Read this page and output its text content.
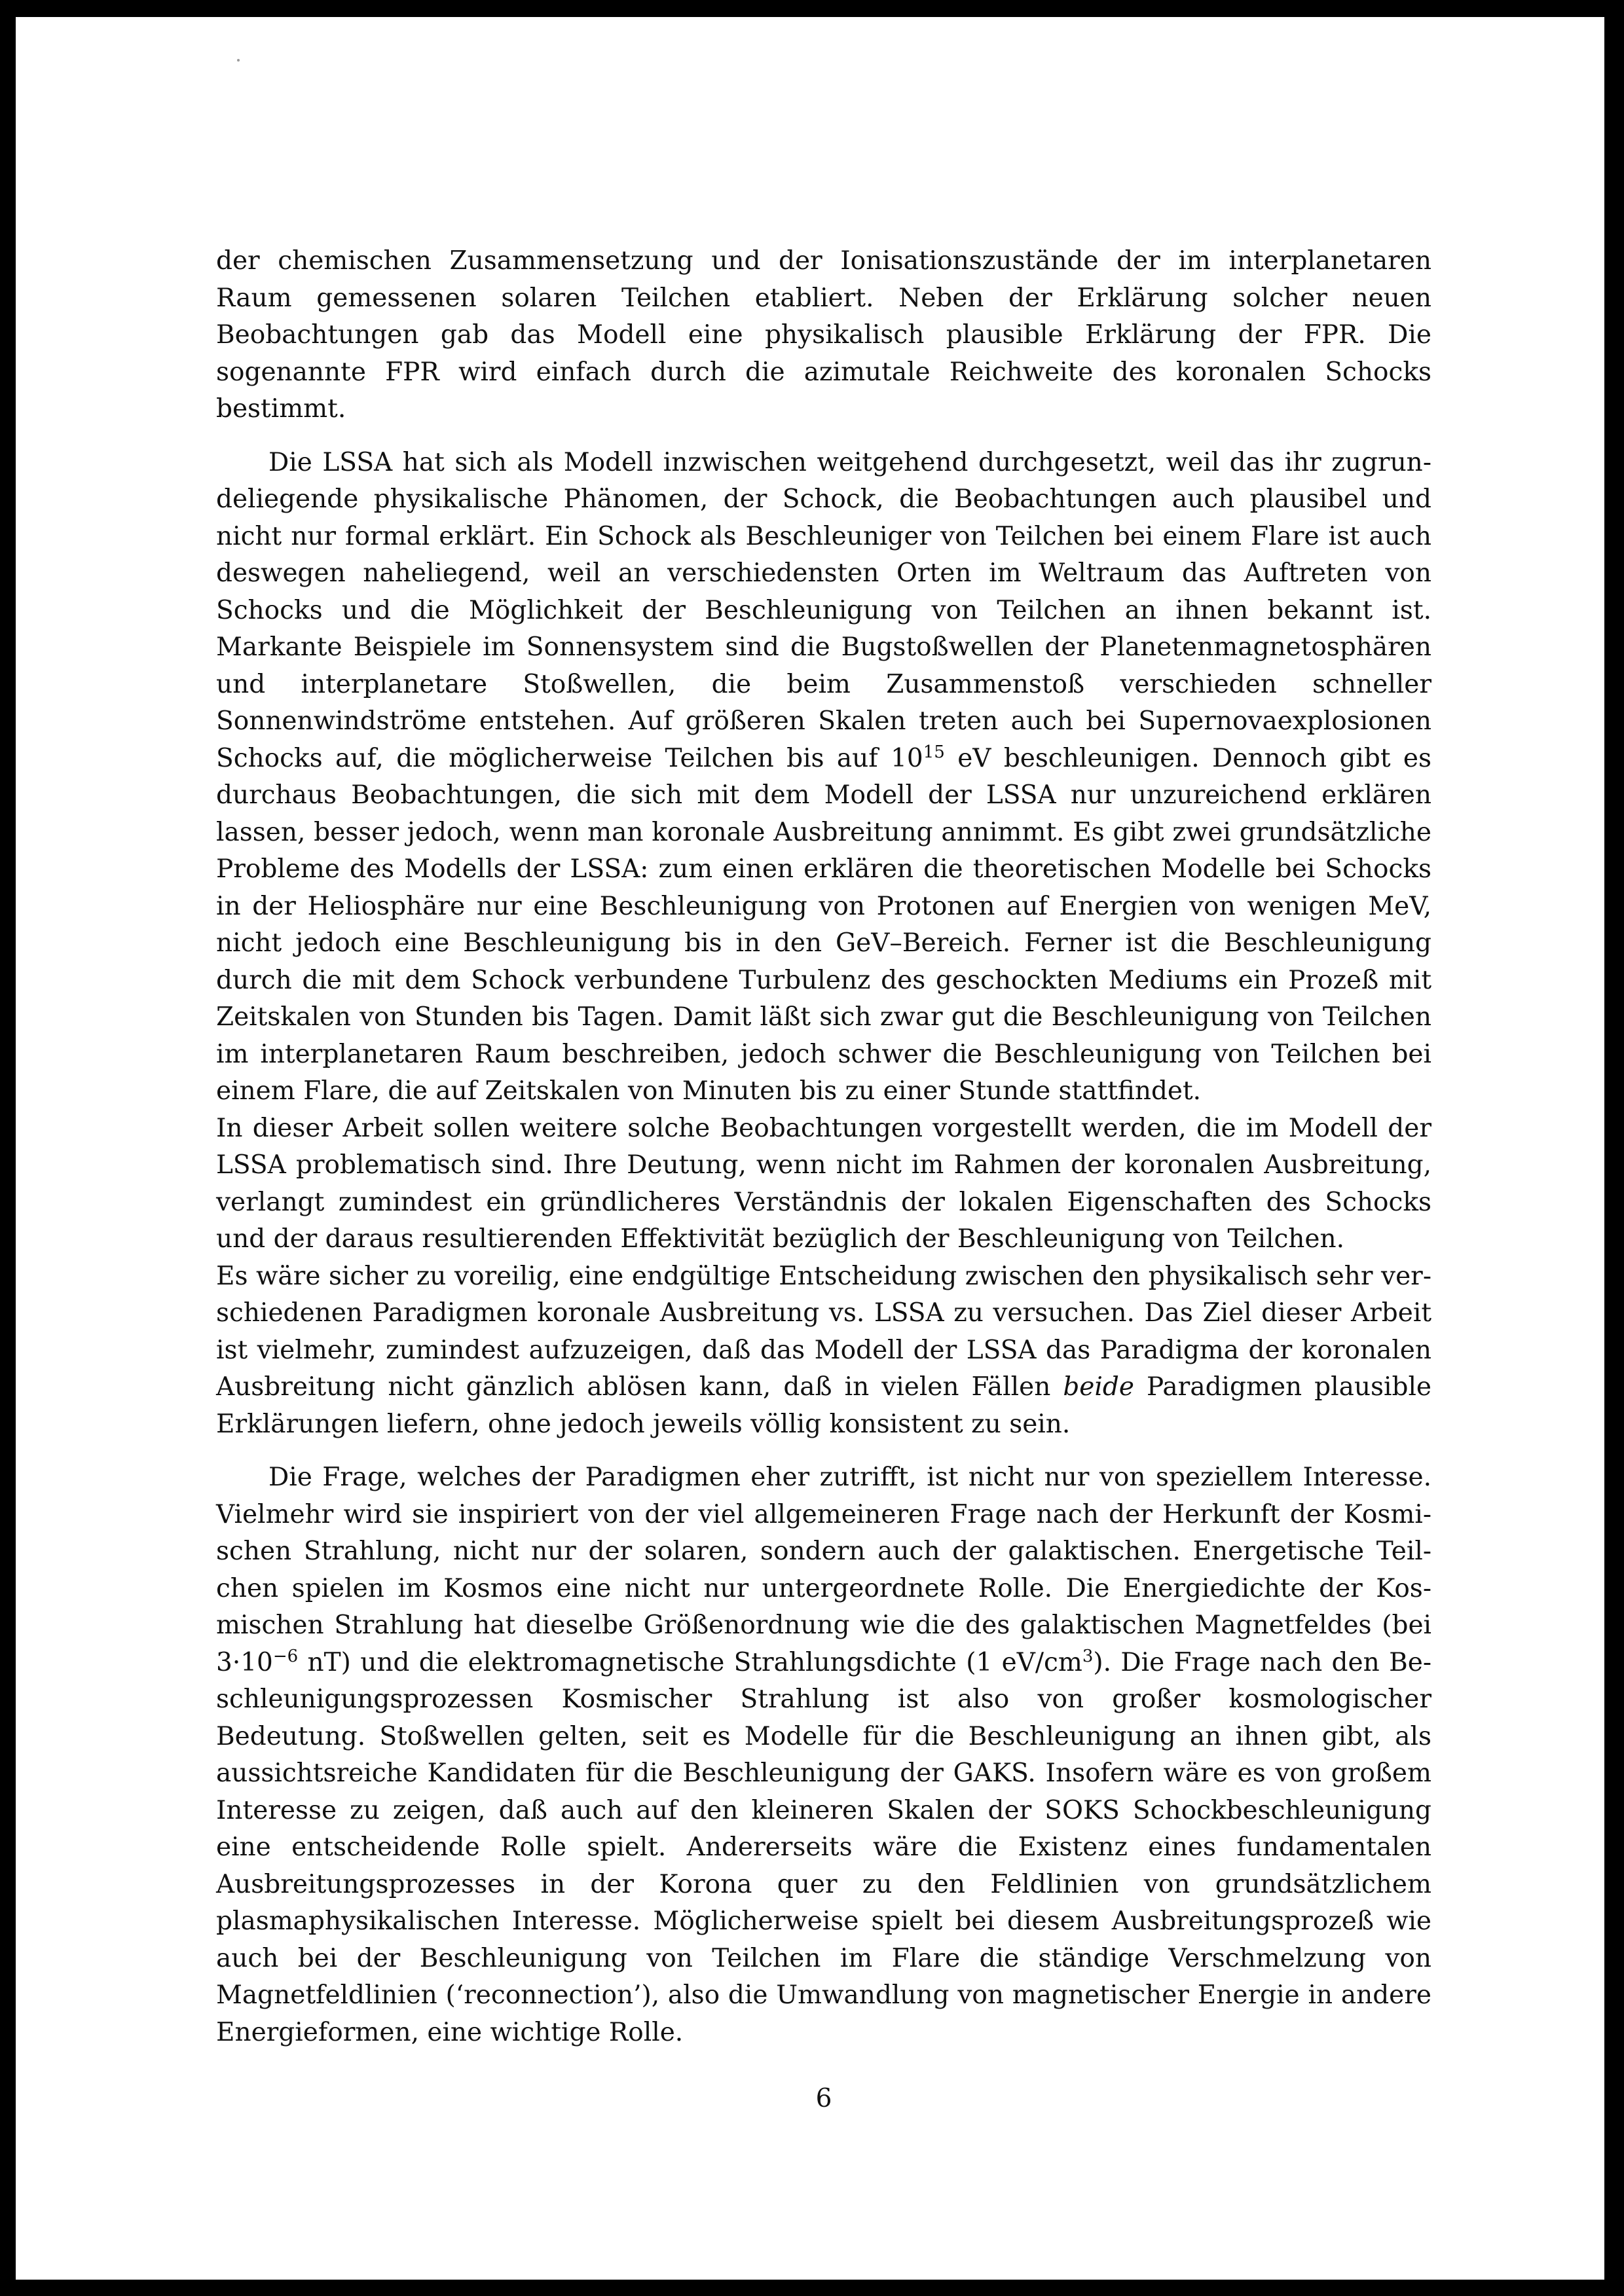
der chemischen Zusammensetzung und der Ionisationszustände der im interplanetaren Raum gemessenen solaren Teilchen etabliert. Neben der Erklärung solcher neuen Beobachtungen gab das Modell eine physikalisch plausible Erklärung der FPR. Die sogenannte FPR wird einfach durch die azimutale Reichweite des koronalen Schocks bestimmt.

Die LSSA hat sich als Modell inzwischen weitgehend durchgesetzt, weil das ihr zugrundeliegende physikalische Phänomen, der Schock, die Beobachtungen auch plausibel und nicht nur formal erklärt. Ein Schock als Beschleuniger von Teilchen bei einem Flare ist auch deswegen naheliegend, weil an verschiedensten Orten im Weltraum das Auftreten von Schocks und die Möglichkeit der Beschleunigung von Teilchen an ihnen bekannt ist. Markante Beispiele im Sonnensystem sind die Bugstoßwellen der Planetenmagnetosphären und interplanetare Stoßwellen, die beim Zusammenstoß verschieden schneller Sonnenwindströme entstehen. Auf größeren Skalen treten auch bei Supernovaexplosionen Schocks auf, die möglicherweise Teilchen bis auf $10^{15}$ eV beschleunigen. Dennoch gibt es durchaus Beobachtungen, die sich mit dem Modell der LSSA nur unzureichend erklären lassen, besser jedoch, wenn man koronale Ausbreitung annimmt. Es gibt zwei grundsätzliche Probleme des Modells der LSSA: zum einen erklären die theoretischen Modelle bei Schocks in der Heliosphäre nur eine Beschleunigung von Protonen auf Energien von wenigen MeV, nicht jedoch eine Beschleunigung bis in den GeV–Bereich. Ferner ist die Beschleunigung durch die mit dem Schock verbundene Turbulenz des geschockten Mediums ein Prozeß mit Zeitskalen von Stunden bis Tagen. Damit läßt sich zwar gut die Beschleunigung von Teilchen im interplanetaren Raum beschreiben, jedoch schwer die Beschleunigung von Teilchen bei einem Flare, die auf Zeitskalen von Minuten bis zu einer Stunde stattfindet.

In dieser Arbeit sollen weitere solche Beobachtungen vorgestellt werden, die im Modell der LSSA problematisch sind. Ihre Deutung, wenn nicht im Rahmen der koronalen Ausbreitung, verlangt zumindest ein gründlicheres Verständnis der lokalen Eigenschaften des Schocks und der daraus resultierenden Effektivität bezüglich der Beschleunigung von Teilchen.

Es wäre sicher zu voreilig, eine endgültige Entscheidung zwischen den physikalisch sehr verschiedenen Paradigmen koronale Ausbreitung vs. LSSA zu versuchen. Das Ziel dieser Arbeit ist vielmehr, zumindest aufzuzeigen, daß das Modell der LSSA das Paradigma der koronalen Ausbreitung nicht gänzlich ablösen kann, daß in vielen Fällen beide Paradigmen plausible Erklärungen liefern, ohne jedoch jeweils völlig konsistent zu sein.

Die Frage, welches der Paradigmen eher zutrifft, ist nicht nur von speziellem Interesse. Vielmehr wird sie inspiriert von der viel allgemeineren Frage nach der Herkunft der Kosmischen Strahlung, nicht nur der solaren, sondern auch der galaktischen. Energetische Teilchen spielen im Kosmos eine nicht nur untergeordnete Rolle. Die Energiedichte der Kosmischen Strahlung hat dieselbe Größenordnung wie die des galaktischen Magnetfeldes (bei $3\cdot 10^{-6}$ nT) und die elektromagnetische Strahlungsdichte (1 $eV/cm^3$). Die Frage nach den Beschleunigungsprozessen Kosmischer Strahlung ist also von großer kosmologischer Bedeutung. Stoßwellen gelten, seit es Modelle für die Beschleunigung an ihnen gibt, als aussichtsreiche Kandidaten für die Beschleunigung der GAKS. Insofern wäre es von großem Interesse zu zeigen, daß auch auf den kleineren Skalen der SOKS Schockbeschleunigung eine entscheidende Rolle spielt. Andererseits wäre die Existenz eines fundamentalen Ausbreitungsprozesses in der Korona quer zu den Feldlinien von grundsätzlichem plasmaphysikalischen Interesse. Möglicherweise spielt bei diesem Ausbreitungsprozeß wie auch bei der Beschleunigung von Teilchen im Flare die ständige Verschmelzung von Magnetfeldlinien (‘reconnection’), also die Umwandlung von magnetischer Energie in andere Energieformen, eine wichtige Rolle.

6
